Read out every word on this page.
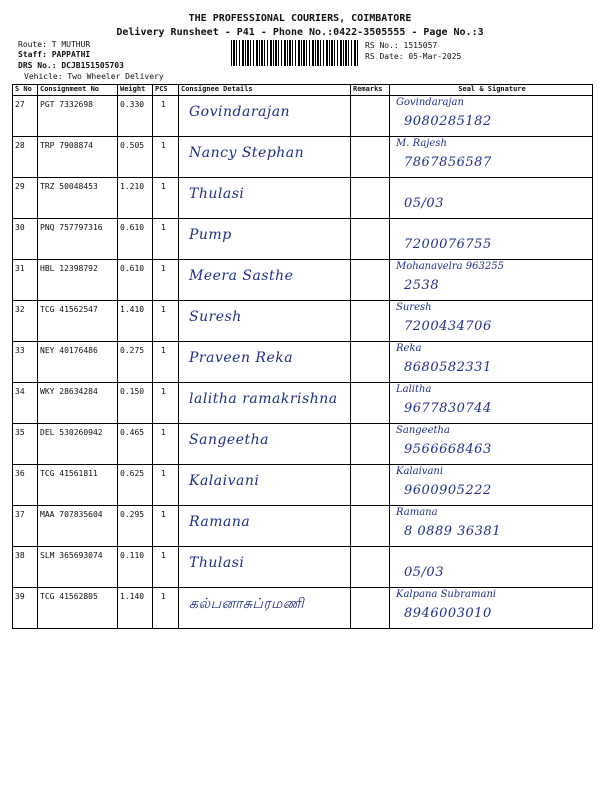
THE PROFESSIONAL COURIERS, COIMBATORE
Delivery Runsheet - P41 - Phone No.:0422-3505555 - Page No.:3
Route: T MUTHUR
Staff: PAPPATHI
DRS No.: DCJB151505703
Vehicle: Two Wheeler Delivery
RS No.: 1515057
RS Date: 05-Mar-2025
S No	Consignment No	Weight	PCS	Consignee Details	Remarks	Seal & Signature

27	PGT 7332698	0.330	1	Govindarajan		Govindarajan
9080285182

28	TRP 7908874	0.505	1	Nancy Stephan		M. Rajesh
7867856587

29	TRZ 50048453	1.210	1	Thulasi		05/03

30	PNQ 757797316	0.610	1	Pump		7200076755

31	HBL 12398792	0.610	1	Meera Sasthe		Mohanavelra 963255
2538

32	TCG 41562547	1.410	1	Suresh		Suresh
7200434706

33	NEY 40176486	0.275	1	Praveen Reka		Reka
8680582331

34	WKY 28634284	0.150	1	lalitha ramakrishna		Lalitha
9677830744

35	DEL 530260942	0.465	1	Sangeetha		Sangeetha
9566668463

36	TCG 41561811	0.625	1	Kalaivani		Kalaivani
9600905222

37	MAA 707835604	0.295	1	Ramana		Ramana
8 0889 36381

38	SLM 365693074	0.110	1	Thulasi		05/03

39	TCG 41562805	1.140	1	கல்பனாசுப்ரமணி		Kalpana Subramani
8946003010
